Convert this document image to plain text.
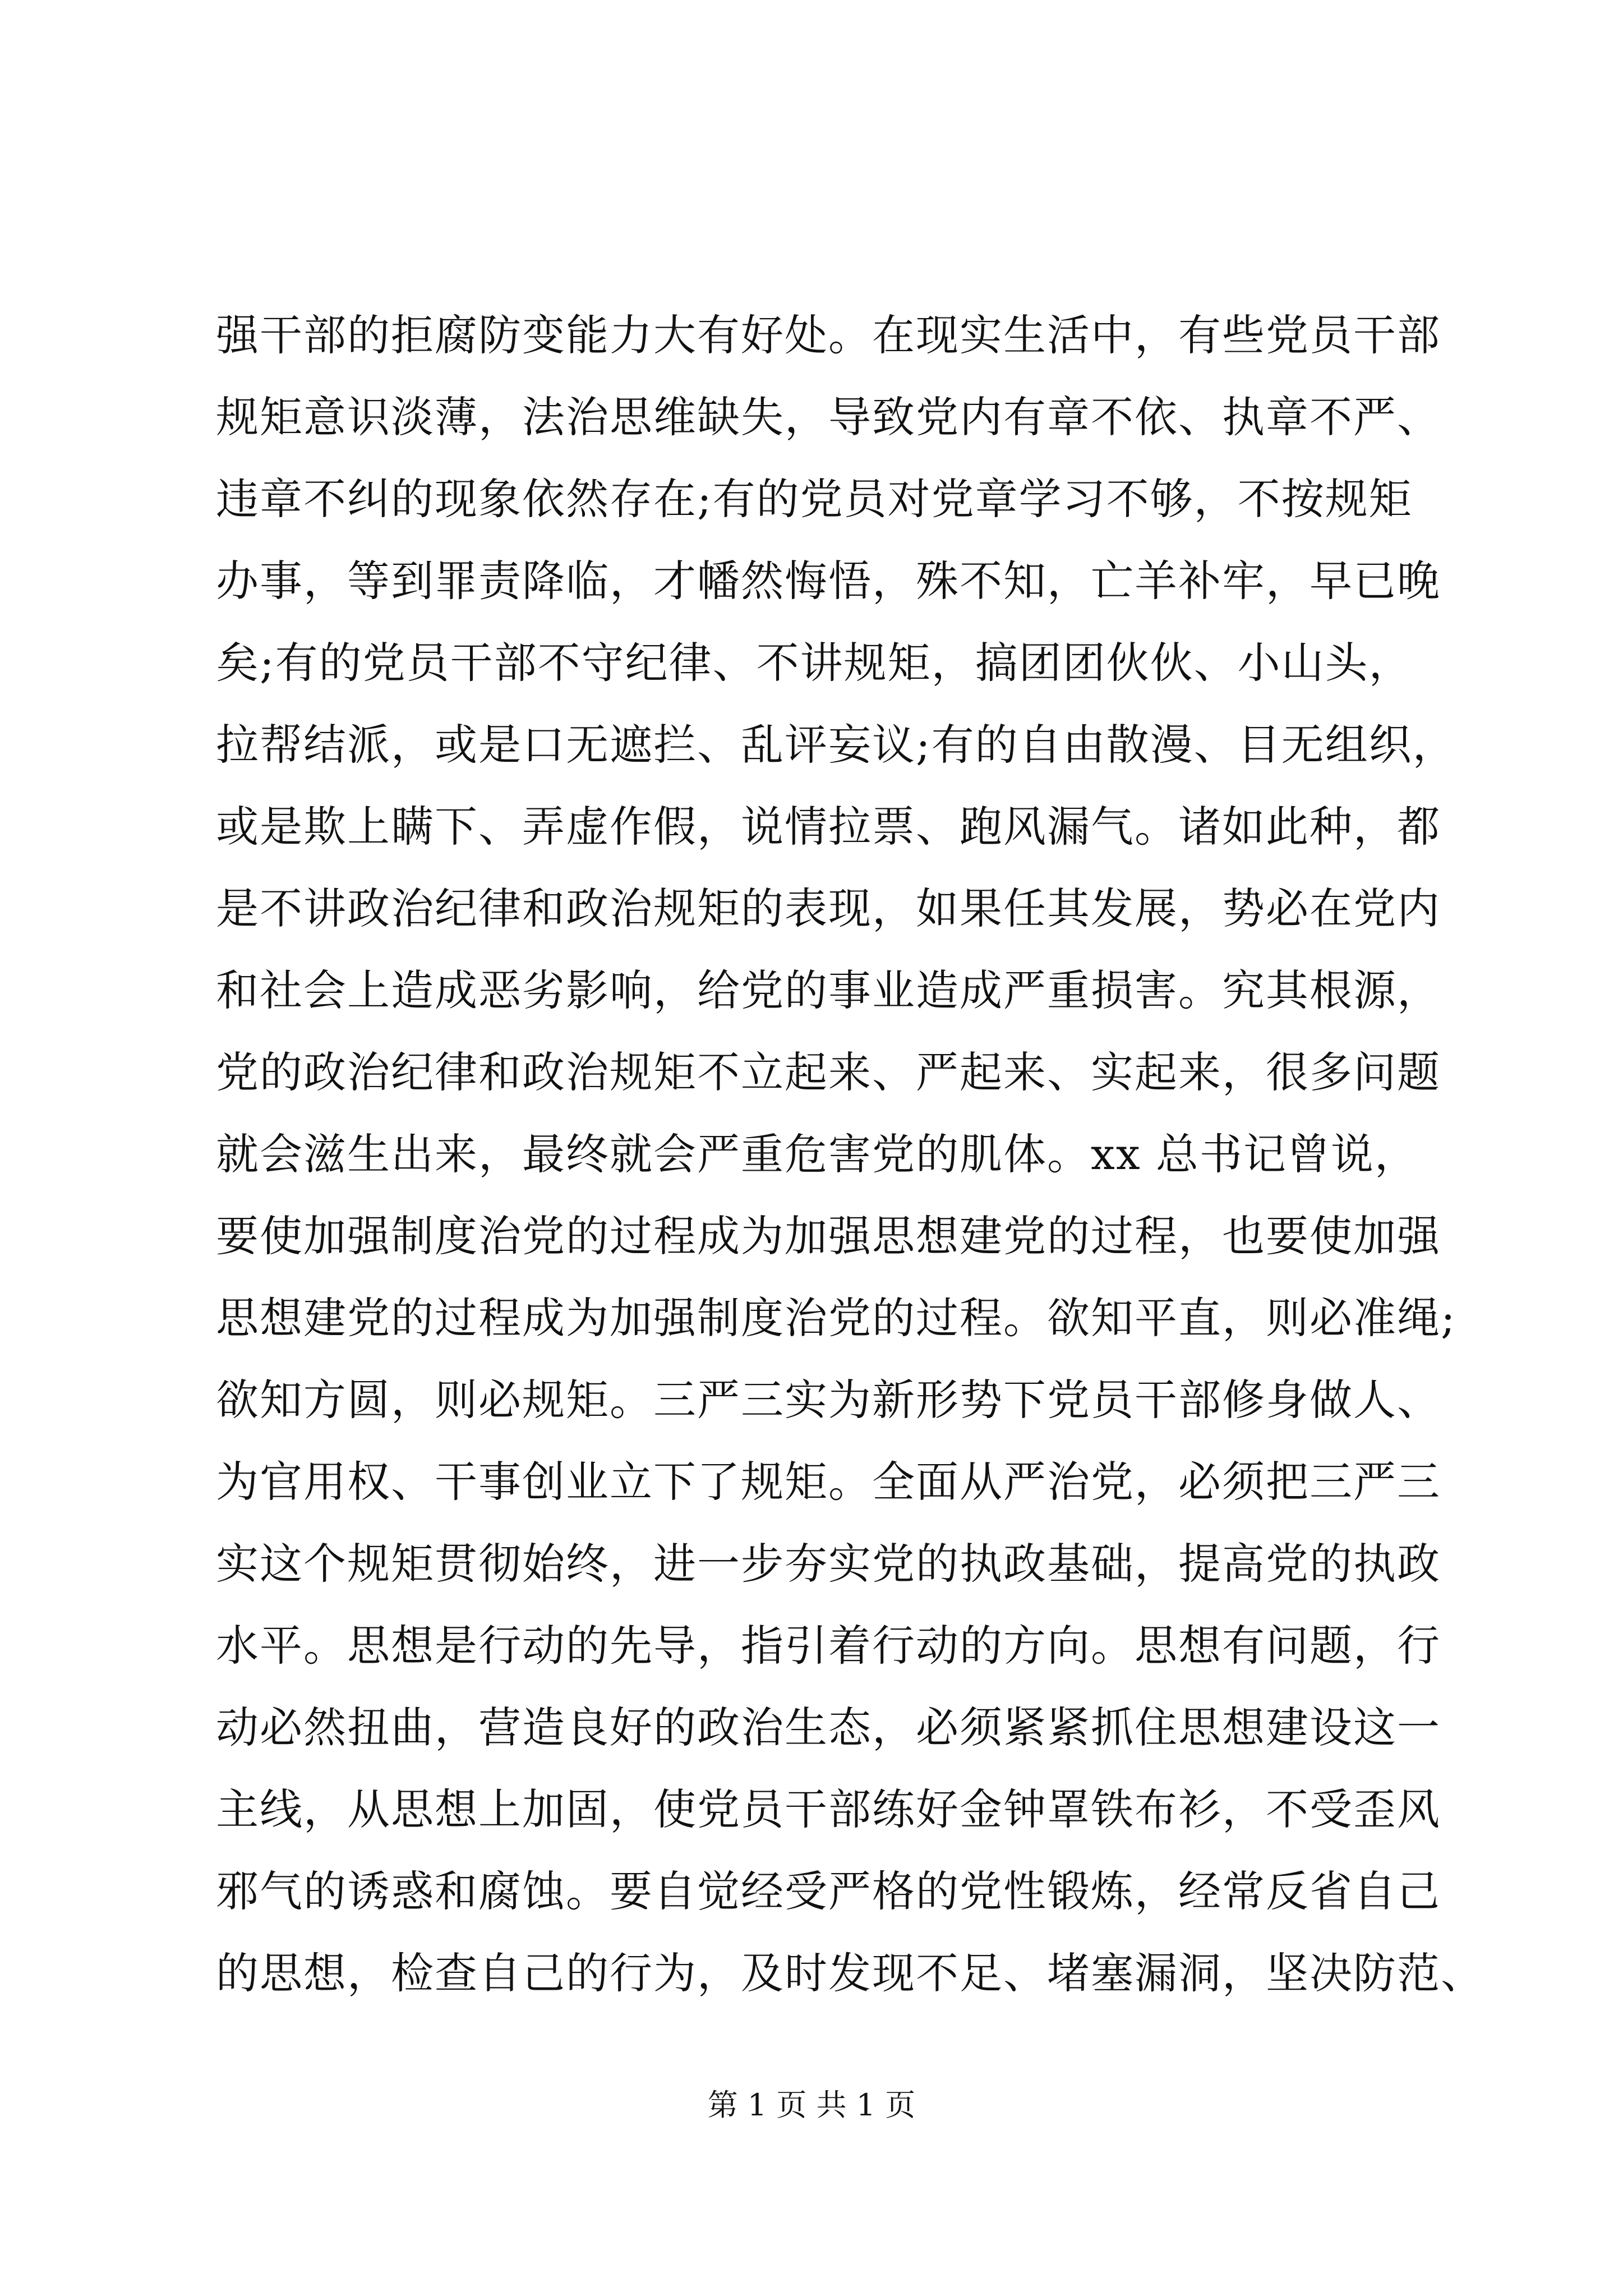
强干部的拒腐防变能力大有好处。在现实生活中，有些党员干部
规矩意识淡薄，法治思维缺失，导致党内有章不依、执章不严、
违章不纠的现象依然存在;有的党员对党章学习不够，不按规矩
办事，等到罪责降临，才幡然悔悟，殊不知，亡羊补牢，早已晚
矣;有的党员干部不守纪律、不讲规矩，搞团团伙伙、小山头，
拉帮结派，或是口无遮拦、乱评妄议;有的自由散漫、目无组织，
或是欺上瞒下、弄虚作假，说情拉票、跑风漏气。诸如此种，都
是不讲政治纪律和政治规矩的表现，如果任其发展，势必在党内
和社会上造成恶劣影响，给党的事业造成严重损害。究其根源，
党的政治纪律和政治规矩不立起来、严起来、实起来，很多问题
就会滋生出来，最终就会严重危害党的肌体。xx 总书记曾说，
要使加强制度治党的过程成为加强思想建党的过程，也要使加强
思想建党的过程成为加强制度治党的过程。欲知平直，则必准绳;
欲知方圆，则必规矩。三严三实为新形势下党员干部修身做人、
为官用权、干事创业立下了规矩。全面从严治党，必须把三严三
实这个规矩贯彻始终，进一步夯实党的执政基础，提高党的执政
水平。思想是行动的先导，指引着行动的方向。思想有问题，行
动必然扭曲，营造良好的政治生态，必须紧紧抓住思想建设这一
主线，从思想上加固，使党员干部练好金钟罩铁布衫，不受歪风
邪气的诱惑和腐蚀。要自觉经受严格的党性锻炼，经常反省自己
的思想，检查自己的行为，及时发现不足、堵塞漏洞，坚决防范、
第 1 页 共 1 页
